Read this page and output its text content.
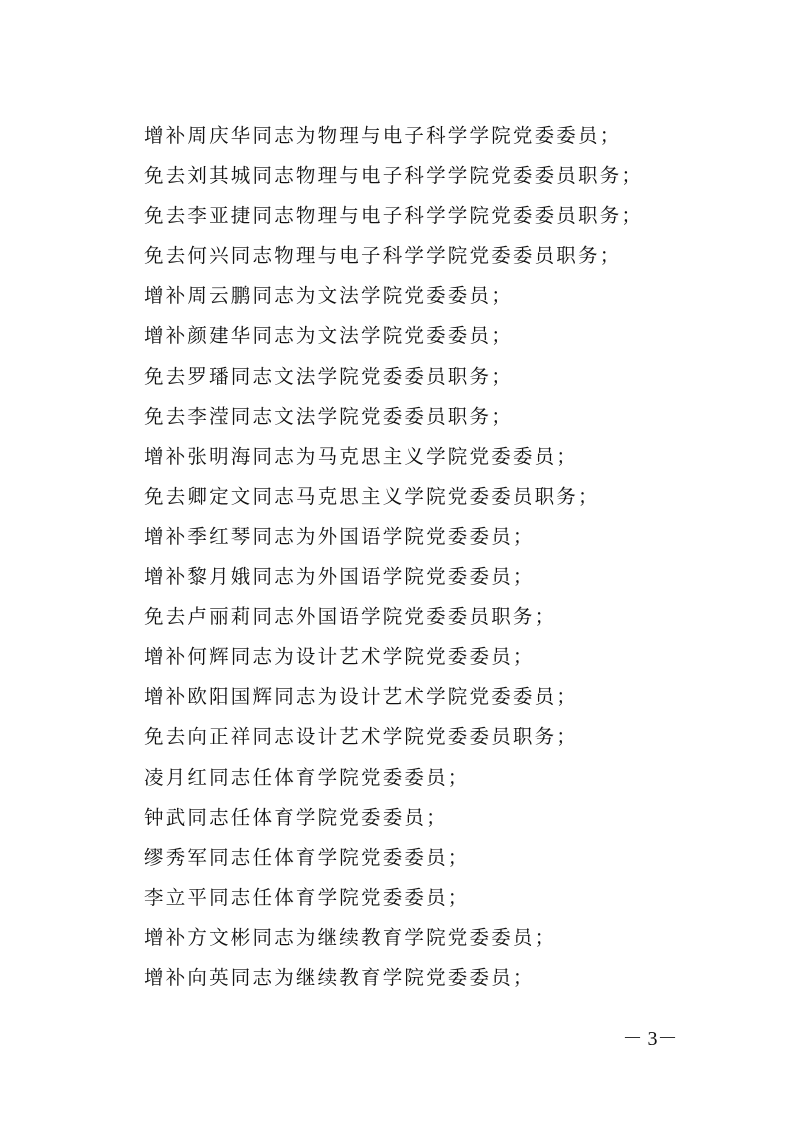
增补周庆华同志为物理与电子科学学院党委委员；
免去刘其城同志物理与电子科学学院党委委员职务；
免去李亚捷同志物理与电子科学学院党委委员职务；
免去何兴同志物理与电子科学学院党委委员职务；
增补周云鹏同志为文法学院党委委员；
增补颜建华同志为文法学院党委委员；
免去罗璠同志文法学院党委委员职务；
免去李滢同志文法学院党委委员职务；
增补张明海同志为马克思主义学院党委委员；
免去卿定文同志马克思主义学院党委委员职务；
增补季红琴同志为外国语学院党委委员；
增补黎月娥同志为外国语学院党委委员；
免去卢丽莉同志外国语学院党委委员职务；
增补何辉同志为设计艺术学院党委委员；
增补欧阳国辉同志为设计艺术学院党委委员；
免去向正祥同志设计艺术学院党委委员职务；
凌月红同志任体育学院党委委员；
钟武同志任体育学院党委委员；
缪秀军同志任体育学院党委委员；
李立平同志任体育学院党委委员；
增补方文彬同志为继续教育学院党委委员；
增补向英同志为继续教育学院党委委员；
－ 3－
